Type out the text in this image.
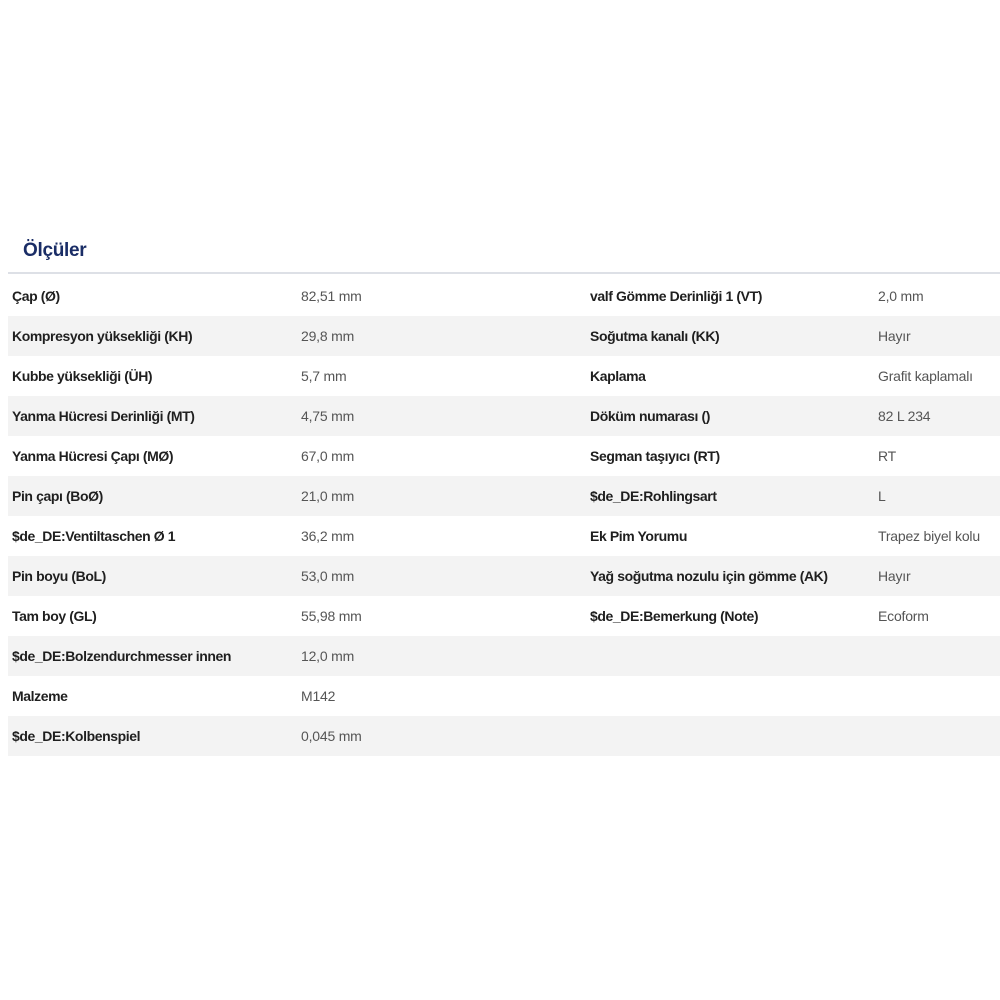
Ölçüler
Çap (Ø)	82,51 mm	valf Gömme Derinliği 1 (VT)	2,0 mm
Kompresyon yüksekliği (KH)	29,8 mm	Soğutma kanalı (KK)	Hayır
Kubbe yüksekliği (ÜH)	5,7 mm	Kaplama	Grafit kaplamalı
Yanma Hücresi Derinliği (MT)	4,75 mm	Döküm numarası ()	82 L 234
Yanma Hücresi Çapı (MØ)	67,0 mm	Segman taşıyıcı (RT)	RT
Pin çapı (BoØ)	21,0 mm	$de_DE:Rohlingsart	L
$de_DE:Ventiltaschen Ø 1	36,2 mm	Ek Pim Yorumu	Trapez biyel kolu
Pin boyu (BoL)	53,0 mm	Yağ soğutma nozulu için gömme (AK)	Hayır
Tam boy (GL)	55,98 mm	$de_DE:Bemerkung (Note)	Ecoform
$de_DE:Bolzendurchmesser innen	12,0 mm
Malzeme	M142
$de_DE:Kolbenspiel	0,045 mm
